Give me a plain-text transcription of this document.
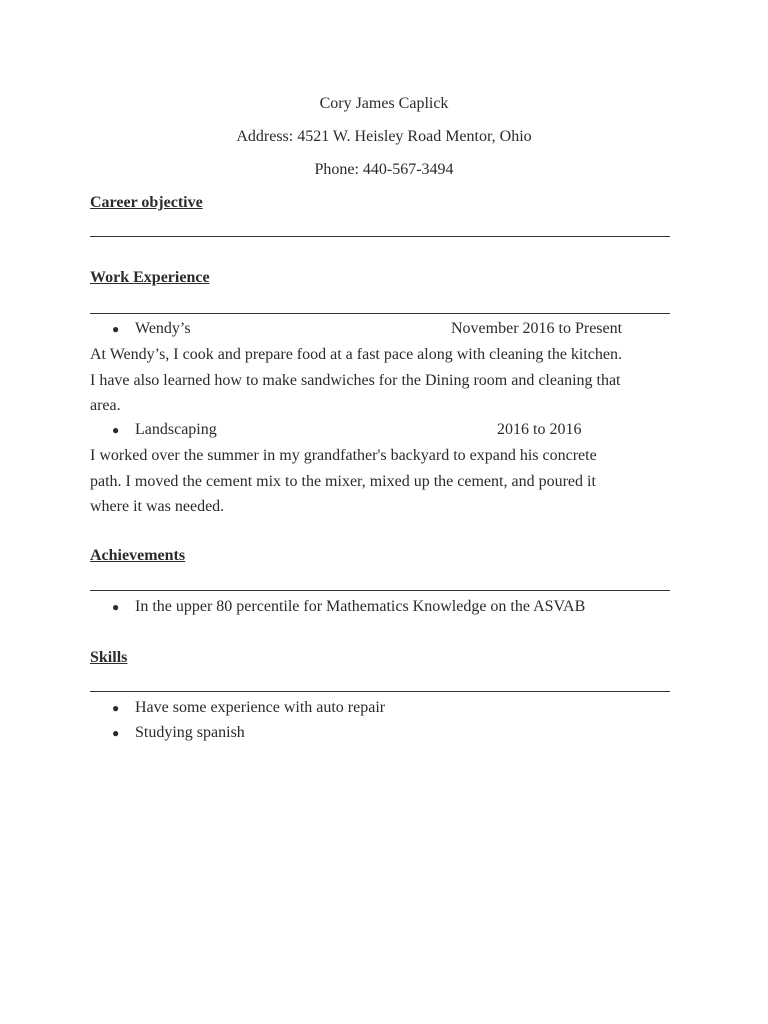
Cory James Caplick
Address: 4521 W. Heisley Road Mentor, Ohio
Phone: 440-567-3494
Career objective
Work Experience
● Wendy’s	November 2016 to Present
At Wendy’s, I cook and prepare food at a fast pace along with cleaning the kitchen.
I have also learned how to make sandwiches for the Dining room and cleaning that
area.
● Landscaping	2016 to 2016
I worked over the summer in my grandfather's backyard to expand his concrete
path. I moved the cement mix to the mixer, mixed up the cement, and poured it
where it was needed.
Achievements
● In the upper 80 percentile for Mathematics Knowledge on the ASVAB
Skills
● Have some experience with auto repair
● Studying spanish
